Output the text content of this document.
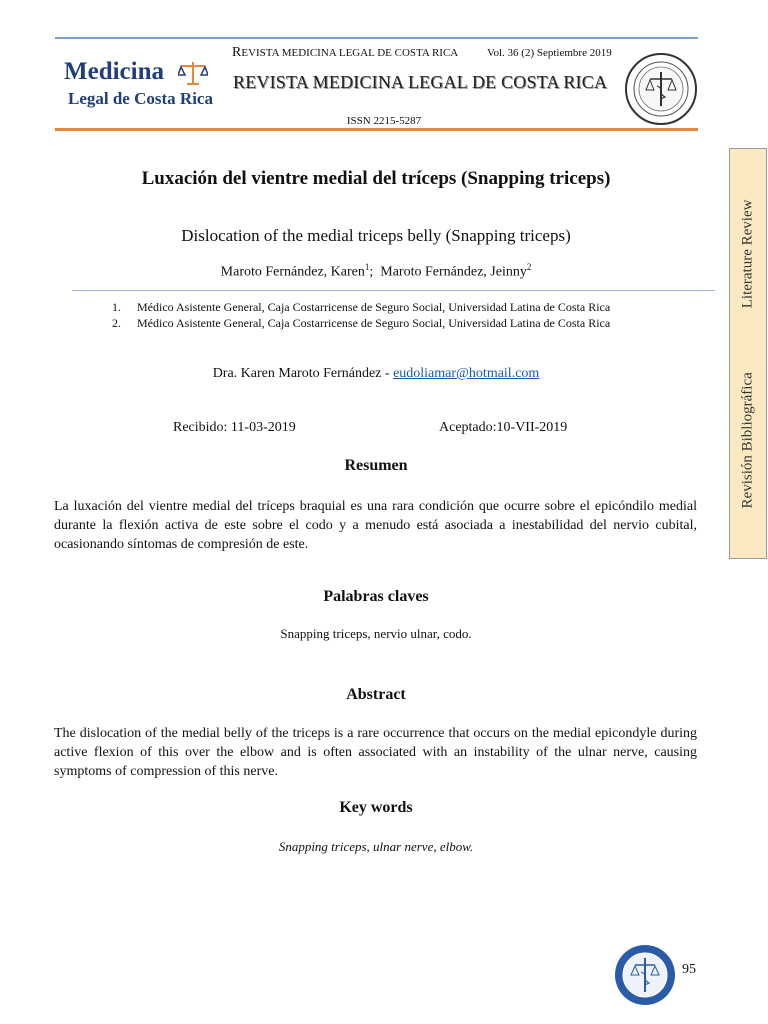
Medicina
Legal de Costa Rica
REVISTA MEDICINA LEGAL DE COSTA RICA	Vol. 36 (2) Septiembre 2019
REVISTA MEDICINA LEGAL DE COSTA RICA
ISSN 2215-5287
Luxación del vientre medial del tríceps (Snapping triceps)
Dislocation of the medial triceps belly (Snapping triceps)
Maroto Fernández, Karen$^1$;  Maroto Fernández, Jeinny$^2$
1. Médico Asistente General, Caja Costarricense de Seguro Social, Universidad Latina de Costa Rica
2. Médico Asistente General, Caja Costarricense de Seguro Social, Universidad Latina de Costa Rica
Dra. Karen Maroto Fernández - eudoliamar@hotmail.com
Recibido: 11-03-2019	Aceptado:10-VII-2019
Resumen
La luxación del vientre medial del tríceps braquial es una rara condición que ocurre sobre el epicóndilo medial durante la flexión activa de este sobre el codo y a menudo está asociada a inestabilidad del nervio cubital, ocasionando síntomas de compresión de este.
Palabras claves
Snapping triceps, nervio ulnar, codo.
Abstract
The dislocation of the medial belly of the triceps is a rare occurrence that occurs on the medial epicondyle during active flexion of this over the elbow and is often associated with an instability of the ulnar nerve, causing symptoms of compression of this nerve.
Key words
Snapping triceps, ulnar nerve, elbow.
Revisión BibliográficaLiterature Review
95
